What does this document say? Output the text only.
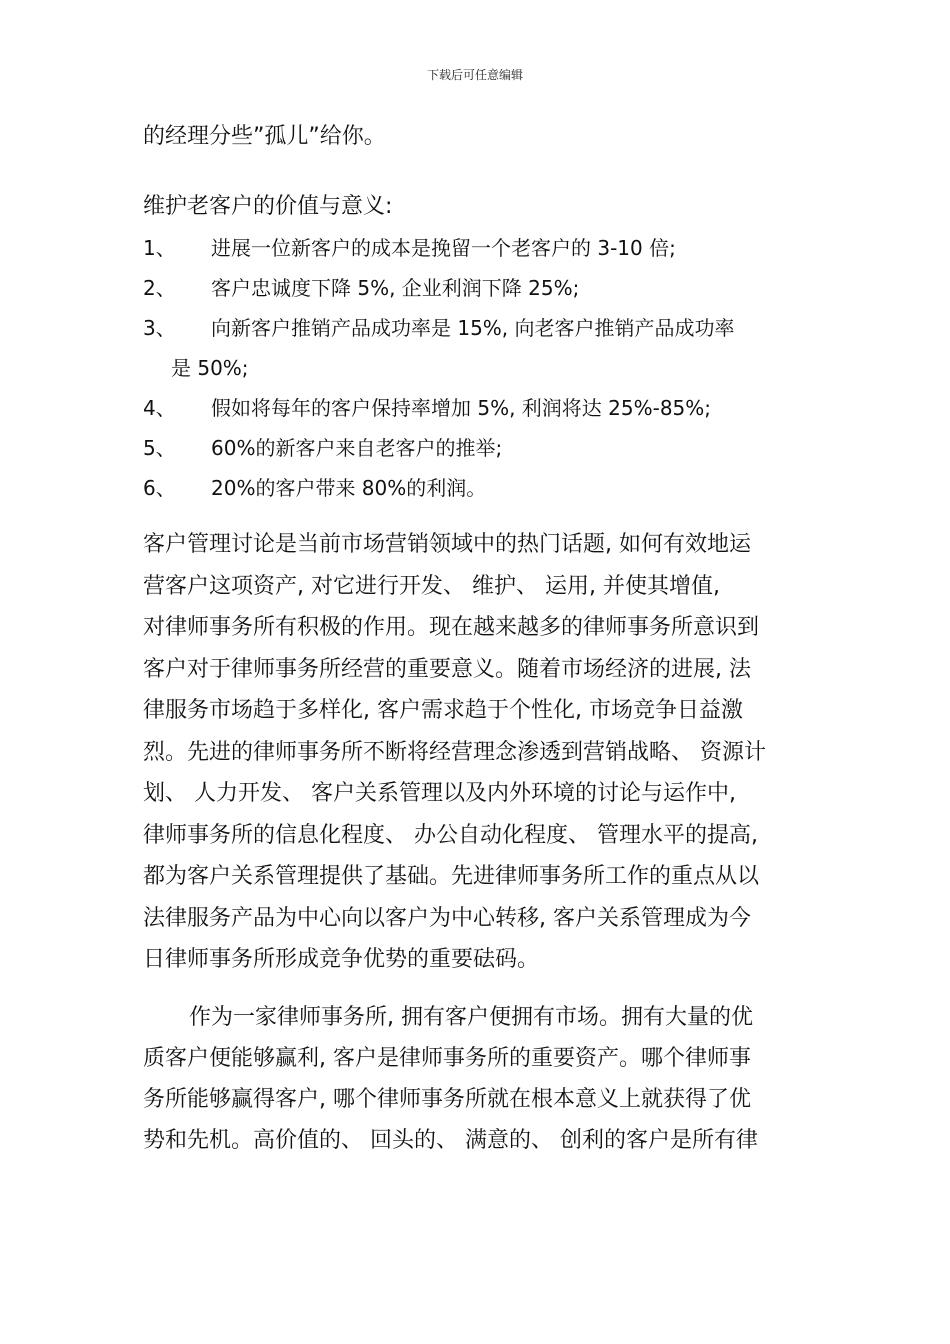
下载后可任意编辑
的经理分些”孤儿”给你。
维护老客户的价值与意义:
1、	进展一位新客户的成本是挽留一个老客户的 3-10 倍;
2、	客户忠诚度下降 5%, 企业利润下降 25%;
3、	向新客户推销产品成功率是 15%, 向老客户推销产品成功率
是 50%;
4、	假如将每年的客户保持率增加 5%, 利润将达 25%-85%;
5、	60%的新客户来自老客户的推举;
6、	20%的客户带来 80%的利润。
客户管理讨论是当前市场营销领域中的热门话题, 如何有效地运
营客户这项资产, 对它进行开发、 维护、 运用, 并使其增值,
对律师事务所有积极的作用。现在越来越多的律师事务所意识到
客户对于律师事务所经营的重要意义。随着市场经济的进展, 法
律服务市场趋于多样化, 客户需求趋于个性化, 市场竞争日益激
烈。先进的律师事务所不断将经营理念渗透到营销战略、 资源计
划、 人力开发、 客户关系管理以及内外环境的讨论与运作中,
律师事务所的信息化程度、 办公自动化程度、 管理水平的提高,
都为客户关系管理提供了基础。先进律师事务所工作的重点从以
法律服务产品为中心向以客户为中心转移, 客户关系管理成为今
日律师事务所形成竞争优势的重要砝码。
作为一家律师事务所, 拥有客户便拥有市场。拥有大量的优
质客户便能够赢利, 客户是律师事务所的重要资产。哪个律师事
务所能够赢得客户, 哪个律师事务所就在根本意义上就获得了优
势和先机。高价值的、 回头的、 满意的、 创利的客户是所有律
